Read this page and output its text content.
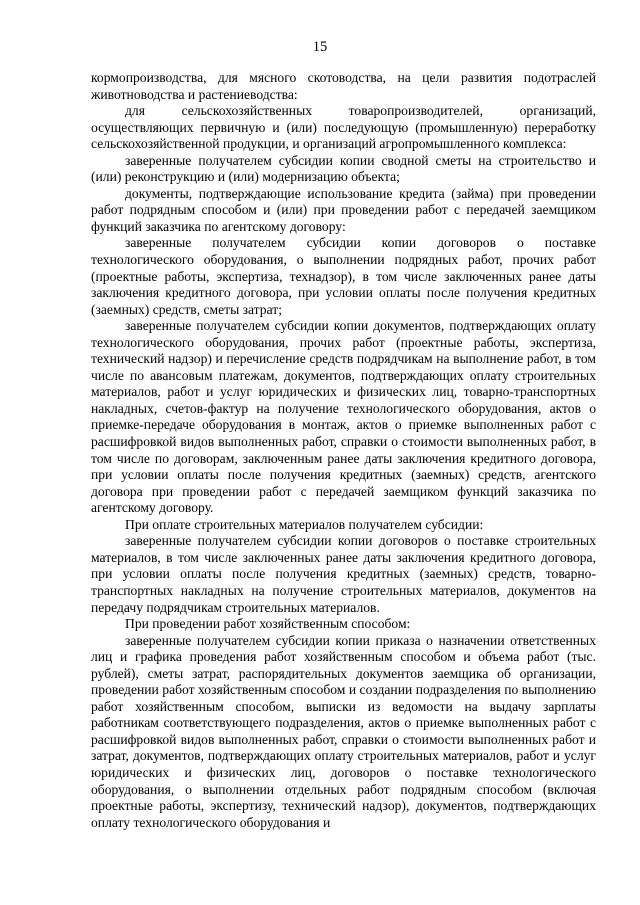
15

кормопроизводства, для мясного скотоводства, на цели развития подотраслей животноводства и растениеводства:

для сельскохозяйственных товаропроизводителей, организаций, осуществляющих первичную и (или) последующую (промышленную) переработку сельскохозяйственной продукции, и организаций агропромышленного комплекса:

заверенные получателем субсидии копии сводной сметы на строительство и (или) реконструкцию и (или) модернизацию объекта;

документы, подтверждающие использование кредита (займа) при проведении работ подрядным способом и (или) при проведении работ с передачей заемщиком функций заказчика по агентскому договору:

заверенные получателем субсидии копии договоров о поставке технологического оборудования, о выполнении подрядных работ, прочих работ (проектные работы, экспертиза, технадзор), в том числе заключенных ранее даты заключения кредитного договора, при условии оплаты после получения кредитных (заемных) средств, сметы затрат;

заверенные получателем субсидии копии документов, подтверждающих оплату технологического оборудования, прочих работ (проектные работы, экспертиза, технический надзор) и перечисление средств подрядчикам на выполнение работ, в том числе по авансовым платежам, документов, подтверждающих оплату строительных материалов, работ и услуг юридических и физических лиц, товарно-транспортных накладных, счетов-фактур на получение технологического оборудования, актов о приемке-передаче оборудования в монтаж, актов о приемке выполненных работ с расшифровкой видов выполненных работ, справки о стоимости выполненных работ, в том числе по договорам, заключенным ранее даты заключения кредитного договора, при условии оплаты после получения кредитных (заемных) средств, агентского договора при проведении работ с передачей заемщиком функций заказчика по агентскому договору.

При оплате строительных материалов получателем субсидии:

заверенные получателем субсидии копии договоров о поставке строительных материалов, в том числе заключенных ранее даты заключения кредитного договора, при условии оплаты после получения кредитных (заемных) средств, товарно-транспортных накладных на получение строительных материалов, документов на передачу подрядчикам строительных материалов.

При проведении работ хозяйственным способом:

заверенные получателем субсидии копии приказа о назначении ответственных лиц и графика проведения работ хозяйственным способом и объема работ (тыс. рублей), сметы затрат, распорядительных документов заемщика об организации, проведении работ хозяйственным способом и создании подразделения по выполнению работ хозяйственным способом, выписки из ведомости на выдачу зарплаты работникам соответствующего подразделения, актов о приемке выполненных работ с расшифровкой видов выполненных работ, справки о стоимости выполненных работ и затрат, документов, подтверждающих оплату строительных материалов, работ и услуг юридических и физических лиц, договоров о поставке технологического оборудования, о выполнении отдельных работ подрядным способом (включая проектные работы, экспертизу, технический надзор), документов, подтверждающих оплату технологического оборудования и
